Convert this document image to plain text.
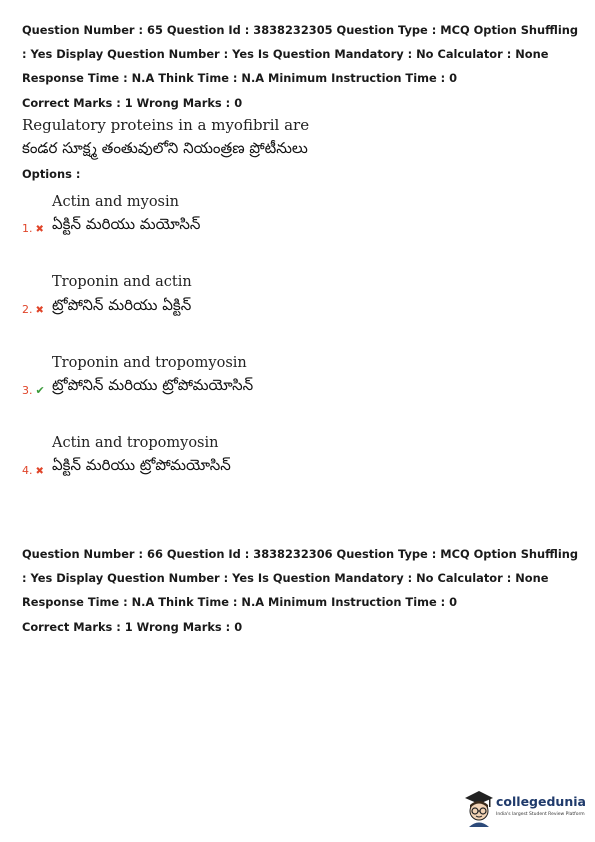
Question Number : 65 Question Id : 3838232305 Question Type : MCQ Option Shuffling : Yes Display Question Number : Yes Is Question Mandatory : No Calculator : None Response Time : N.A Think Time : N.A Minimum Instruction Time : 0
Correct Marks : 1 Wrong Marks : 0
Regulatory proteins in a myofibril are
కండర సూక్ష్మ తంతువులోని నియంత్రణ ప్రోటీనులు
Options :
Actin and myosin
1. ✖ ఏక్టిన్ మరియు మయోసిన్
Troponin and actin
2. ✖ ట్రోపోనిన్ మరియు ఏక్టిన్
Troponin and tropomyosin
3. ✔ ట్రోపోనిన్ మరియు ట్రోపోమయోసిన్
Actin and tropomyosin
4. ✖ ఏక్టిన్ మరియు ట్రోపోమయోసిన్
Question Number : 66 Question Id : 3838232306 Question Type : MCQ Option Shuffling : Yes Display Question Number : Yes Is Question Mandatory : No Calculator : None Response Time : N.A Think Time : N.A Minimum Instruction Time : 0
Correct Marks : 1 Wrong Marks : 0
collegedunia
India's largest Student Review Platform
